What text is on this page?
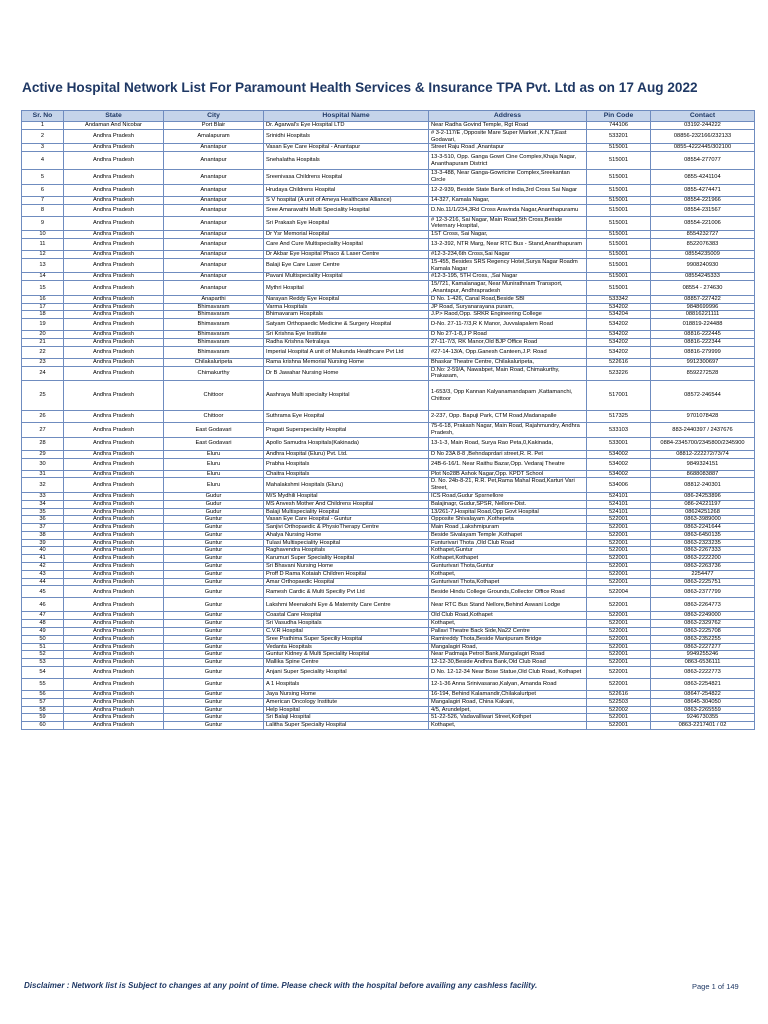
Active Hospital Network List For Paramount Health Services & Insurance TPA Pvt. Ltd as on 17 Aug 2022
Sr. No	State	City	Hospital Name	Address	Pin Code	Contact
1	Andaman And Nicobar	Port Blair	Dr. Agarwal's Eye Hospital LTD	Near Radha Govind Temple, Rgt Road	744106	03192-244222
2	Andhra Pradesh	Amalapuram	Srinidhi Hospitals	# 3-2-117/E ,Opposite Mare Super Market ,K.N.T,East Godavari,	533201	08856-232166/232133
3	Andhra Pradesh	Anantapur	Vasan Eye Care Hospital - Anantapur	Street Raju Road ,Anantapur	515001	0855-4222445/302100
4	Andhra Pradesh	Anantapur	Snehalatha Hospitals	13-3-510, Opp. Ganga Gowri Cine Complex,Khaja Nagar, Ananthapuram District	515001	08554-277077
5	Andhra Pradesh	Anantapur	Sreenivasa Childrens Hospital	13-3-488, Near Ganga-Gowricine Complex,Sreekantan Circle	515001	0855-4241104
6	Andhra Pradesh	Anantapur	Hrudaya Childrens Hospital	12-2-939, Beside State Bank of India,3rd Cross Sai Nagar	515001	0855-4274471
7	Andhra Pradesh	Anantapur	S V hospital (A unit of Ameya Healthcare Alliance)	14-327, Kamala Nagar,	515001	08554-221966
8	Andhra Pradesh	Anantapur	Sree Amaravathi Multi Speciality Hospital	D.No.11/1/234,3Rd Cross Aravinda Nagar,Ananthapuramu	515001	08554-231567
9	Andhra Pradesh	Anantapur	Sri Prakash Eye Hospital	# 12-3-216, Sai Nagar, Main Road,5th Cross,Beside Veternary Hospital,	515001	08554-221006
10	Andhra Pradesh	Anantapur	Dr Ysr Memorial Hospital	1ST Cross, Sai Nagar,	515001	8554232727
11	Andhra Pradesh	Anantapur	Care And Cure Multispeciality Hospital	13-2-392, NTR Marg, Near RTC Bus - Stand,Ananthapuram	515001	8522076383
12	Andhra Pradesh	Anantapur	Dr Akbar Eye Hospital Phaco & Laser Centre	#12-3-234,6th Cross,Sai Nagar	515001	08554235009
13	Andhra Pradesh	Anantapur	Balaji Eye Care Laser Centre	15-455, Besides SRS Regency Hotel,Surya Nagar Roadm Kamala Nagar	515001	9908240930
14	Andhra Pradesh	Anantapur	Pavani Multispeciality Hospital	#12-3-195, 5TH Cross, ,Sai Nagar	515001	08554245333
15	Andhra Pradesh	Anantapur	Mythri Hospital	15/721, Kamalanagar, Near Munirathnam Transport, ,Anantapur, Andhrapradesh	515001	08554 - 274630
16	Andhra Pradesh	Anaparthi	Narayan Reddy Eye Hospital	D No. 1-426, Canal Road,Beside SBI	533342	08857-227422
17	Andhra Pradesh	Bhimavaram	Varma Hospitals	JP Road, Suryanarayana puram,	534202	9848699996
18	Andhra Pradesh	Bhimavaram	Bhimavaram Hospitals	J.P> Raod,Opp. SRKR Engineering College	534204	08816221111
19	Andhra Pradesh	Bhimavaram	Satyam Orthopaedic Medicine & Surgery Hospital	D-No. 27-11-7/3,R K Manor, Juvvalapalem Road	534202	018819-224488
20	Andhra Pradesh	Bhimavaram	Sri Krishna Eye Institute	D No 27-1-8,J P Road	534202	08816-222445
21	Andhra Pradesh	Bhimavaram	Radha Krishna Netralaya	27-11-7/3, RK Manor,Old BJP Office Road	534202	08816-222344
22	Andhra Pradesh	Bhimavaram	Imperial Hospital A unit of Mukunda Healthcare Pvt Ltd	#27-14-13/A, Opp.Ganesh Canteen,J.P. Road	534202	08816-279999
23	Andhra Pradesh	Chilakaluripeta	Rama krishna Memorial Nursing Home	Bhaskar Theatre Centre, Chilakaluripeta,	522616	9912300697
24	Andhra Pradesh	Chimakurthy	Dr B Jawahar Nursing Home	D.No: 2-59/A, Nawabpet, Main Road, Chimakurthy, Prakasam,	523226	8592272528
25	Andhra Pradesh	Chittoor	Aashraya Multi specialty Hospital	1-653/3, Opp Kannan Kalyanamandapam ,Kattamanchi, Chittoor	517001	08572-246544
26	Andhra Pradesh	Chittoor	Suthrama Eye Hospital	2-237, Opp. Bapuji Park, CTM Road,Madanapalle	517325	9701078428
27	Andhra Pradesh	East Godavari	Pragati Superspeciality Hospital	75-6-18, Prakash Nagar, Main Road, Rajahmundry, Andhra Pradesh,	533103	883-2440397 / 2437676
28	Andhra Pradesh	East Godavari	Apollo Samudra Hospitals(Kakinada)	13-1-3, Main Road, Surya Rao Peta,0,Kakinada,	533001	0884-2345700/2345800/2345900
29	Andhra Pradesh	Eluru	Andhra Hospital (Eluru) Pvt. Ltd.	D No 23A 8-8 ,Behndaprdari street,R. R. Pet	534002	08812-222272/73/74
30	Andhra Pradesh	Eluru	Prabha Hospitals	24B-6-16/1. Near Raithu Bazar,Opp. Vedaraj Theatre	534002	9849324151
31	Andhra Pradesh	Eluru	Chaitra Hospitals	Plot No28B Ashok Nagar,Opp. KPDT School	534002	8688083887
32	Andhra Pradesh	Eluru	Mahalakshmi Hospitals (Eluru)	D. No. 24b-8-21, R.R. Pet,Rama Mahal Road,Karturi Vari Street,	534006	08812-240301
33	Andhra Pradesh	Gudur	M/S Mydhili Hospital	ICS Road,Gudur Spsrnellore	524101	086-24253896
34	Andhra Pradesh	Gudur	MS Anvesh Mother And Childrens Hospital	Balajinagr, Gudur,SPSR, Nellore-Dist.	524101	086-24221197
35	Andhra Pradesh	Gudur	Balaji Multispeciality Hospital	13/261-7,Hospital Road,Opp Govt Hospital	524101	08624251268
36	Andhra Pradesh	Guntur	Vasan Eye Care Hospital - Guntur	Opposite Shivalayam ,Kothepeta	522001	0863-3989000
37	Andhra Pradesh	Guntur	Sanjivi Orthopaedic & PhysioTherapy Centre	Main Road ,Lakshmipuram	522001	0863-2241644
38	Andhra Pradesh	Guntur	Ahalya Nursing Home	Beside Sivalayam Temple ,Kothapet	522001	0863-6450135
39	Andhra Pradesh	Guntur	Tulasi Multispeciality Hospital	Funturivari Thota ,Old Club Road	522001	0863-2323235
40	Andhra Pradesh	Guntur	Raghavendra Hospitals	Kothapet,Guntur	522001	0863-2267333
41	Andhra Pradesh	Guntur	Karumuri Super Speciality Hospital	Kothapet,Kothapet	522001	0863-2222200
42	Andhra Pradesh	Guntur	Sri Bhavani Nursing Home	Gunturivari Thota,Guntur	522001	0863-2263736
43	Andhra Pradesh	Guntur	Proff D Rama Kotaiah Children Hospital	Kothapet,	522001	2254477
44	Andhra Pradesh	Guntur	Amar Orthopaedic Hospital	Gunturivari Thota,Kothapet	522001	0863-2225751
45	Andhra Pradesh	Guntur	Ramesh Cardic & Multi Speciliy Pvt Ltd	Beside Hindu College Grounds,Collector Office Road	522004	0863-2377799
46	Andhra Pradesh	Guntur	Lakshmi Meenakshi Eye & Maternity Care Centre	Near RTC Bus Stand Nellore,Behind Aswani Lodge	522001	0863-2264773
47	Andhra Pradesh	Guntur	Coastal Care Hospital	Old Club Road,Kothapet	522001	0863-2249000
48	Andhra Pradesh	Guntur	Sri Vasudha Hospitals	Kothapet,	522001	0863-2329762
49	Andhra Pradesh	Guntur	C.V.R Hospital	Pallavi Theatre Back Side,Na22 Centre	522001	0863-2225708
50	Andhra Pradesh	Guntur	Sree Prathima Super Speciliy Hospital	Ramireddy Thota,Beside Manipuram Bridge	522001	0863-2352255
51	Andhra Pradesh	Guntur	Vedanta Hospitals	Mangalagiri Road,	522001	0863-2227277
52	Andhra Pradesh	Guntur	Guntur Kidney & Multi Speciality Hospital	Near Padmaja Petrol Bank,Mangalagiri Road	522001	9949255246
53	Andhra Pradesh	Guntur	Mallika Spine Centre	12-12-30,Beside Andhra Bank,Old Club Road	522001	0863-6536111
54	Andhra Pradesh	Guntur	Anjani Super Speciality Hospital	D No. 12-12-34 Near Bose Statue,Old Club Road, Kothapet	522001	0863-2222773
55	Andhra Pradesh	Guntur	A 1 Hospitals	12-1-36 Anna Srinivasarao,Kalyan, Amanda Road	522001	0863-2254821
56	Andhra Pradesh	Guntur	Jaya Nursing Home	16-194, Behind Kalamandir,Chilakalurtpet	522616	08647-254822
57	Andhra Pradesh	Guntur	American Oncology Institute	Mangalagiri Road, China Kakani,	522503	08645-304050
58	Andhra Pradesh	Guntur	Help Hospital	4/5, Arundelpet,	522002	0863-2265559
59	Andhra Pradesh	Guntur	Sri Balaji Hospital	51-22-526, Vadavalliwari Street,Kothpet	522001	9246730355
60	Andhra Pradesh	Guntur	Lalitha Super Specialty Hospital	Kothapet,	522001	0863-2217401 / 02
Disclaimer : Network list is Subject to changes at any point of time. Please check with the hospital before availing any cashless facility.	Page 1 of 149
